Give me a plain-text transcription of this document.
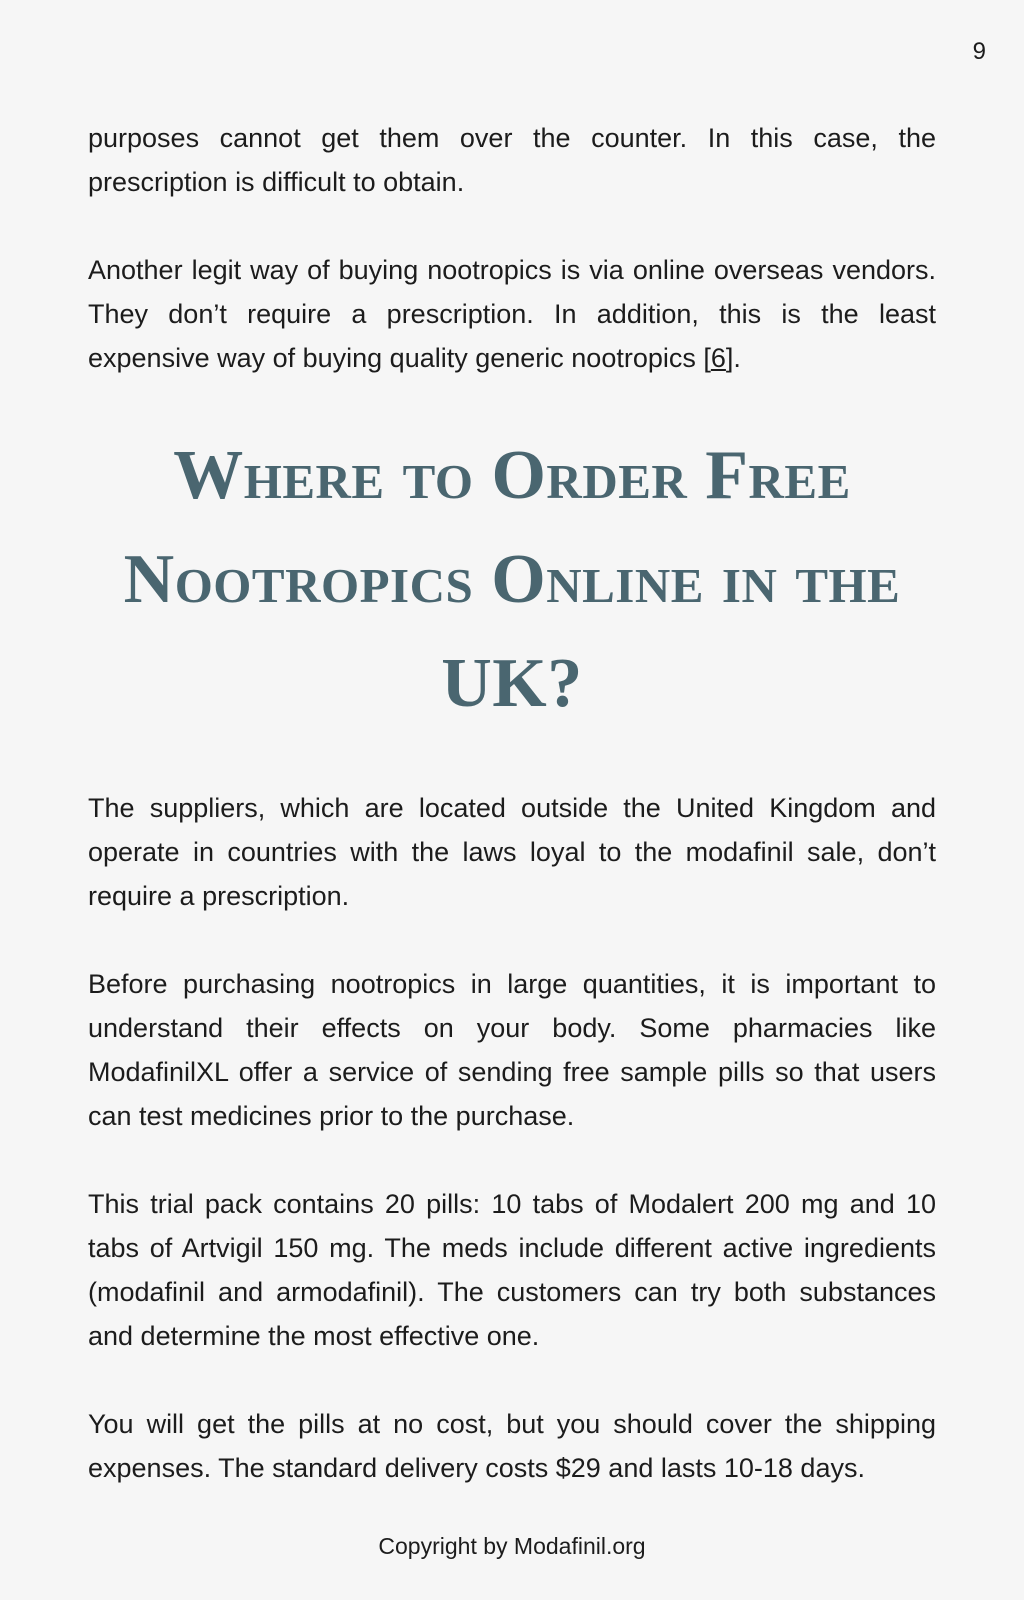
9

purposes cannot get them over the counter. In this case, the prescription is difficult to obtain.

Another legit way of buying nootropics is via online overseas vendors. They don’t require a prescription. In addition, this is the least expensive way of buying quality generic nootropics [6].

Where to Order Free Nootropics Online in the UK?

The suppliers, which are located outside the United Kingdom and operate in countries with the laws loyal to the modafinil sale, don’t require a prescription.

Before purchasing nootropics in large quantities, it is important to understand their effects on your body. Some pharmacies like ModafinilXL offer a service of sending free sample pills so that users can test medicines prior to the purchase.

This trial pack contains 20 pills: 10 tabs of Modalert 200 mg and 10 tabs of Artvigil 150 mg. The meds include different active ingredients (modafinil and armodafinil). The customers can try both substances and determine the most effective one.

You will get the pills at no cost, but you should cover the shipping expenses. The standard delivery costs $29 and lasts 10-18 days.

Copyright by Modafinil.org
